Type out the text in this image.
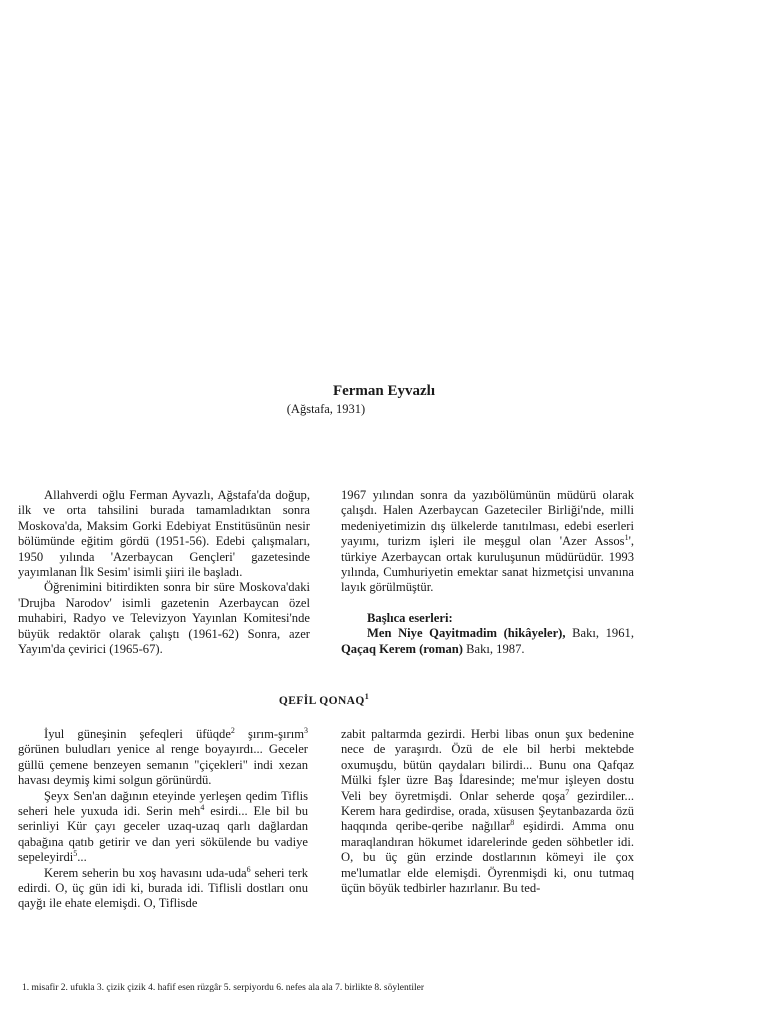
Ferman Eyvazlı
(Ağstafa, 1931)

Allahverdi oğlu Ferman Ayvazlı, Ağstafa'da doğup, ilk ve orta tahsilini burada tamamladıktan sonra Moskova'da, Maksim Gorki Edebiyat Enstitüsünün nesir bölümünde eğitim gördü (1951-56). Edebi çalışmaları, 1950 yılında 'Azerbaycan Gençleri' gazetesinde yayımlanan İlk Sesim' isimli şiiri ile başladı.

Öğrenimini bitirdikten sonra bir süre Moskova'daki 'Drujba Narodov' isimli gazetenin Azerbaycan özel muhabiri, Radyo ve Televizyon Yayınlan Komitesi'nde büyük redaktör olarak çalıştı (1961-62) Sonra, azer Yayım'da çevirici (1965-67).

1967 yılından sonra da yazıbölümünün müdürü olarak çalışdı. Halen Azerbaycan Gazeteciler Birliği'nde, milli medeniyetimizin dış ülkelerde tanıtılması, edebi eserleri yayımı, turizm işleri ile meşgul olan 'Azer Assos$^1$', türkiye Azerbaycan ortak kuruluşunun müdürüdür. 1993 yılında, Cumhuriyetin emektar sanat hizmetçisi unvanına layık görülmüştür.

Başlıca eserleri:

Men Niye Qayitmadim (hikâyeler), Bakı, 1961, Qaçaq Kerem (roman) Bakı, 1987.

QEFİL QONAQ$^1$

İyul güneşinin şefeqleri üfüqde$^2$ şırım-şırım$^3$ görünen buludları yenice al renge boyayırdı... Geceler güllü çemene benzeyen semanın "çiçekleri" indi xezan havası deymiş kimi solgun görünürdü.

Şeyx Sen'an dağının eteyinde yerleşen qedim Tiflis seheri hele yuxuda idi. Serin meh$^4$ esirdi... Ele bil bu serinliyi Kür çayı geceler uzaq-uzaq qarlı dağlardan qabağına qatıb getirir ve dan yeri sökülende bu vadiye sepeleyirdi$^5$...

Kerem seherin bu xoş havasını uda-uda$^6$ seheri terk edirdi. O, üç gün idi ki, burada idi. Tiflisli dostları onu qayğı ile ehate elemişdi. O, Tiflisde

zabit paltarmda gezirdi. Herbi libas onun şux bedenine nece de yaraşırdı. Özü de ele bil herbi mektebde oxumuşdu, bütün qaydaları bilirdi... Bunu ona Qafqaz Mülki fşler üzre Baş İdaresinde; me'mur işleyen dostu Veli bey öyretmişdi. Onlar seherde qoşa$^7$ gezirdiler... Kerem hara gedirdise, orada, xüsusen Şeytanbazarda özü haqqında qeribe-qeribe nağıllar$^8$ eşidirdi. Amma onu maraqlandıran hökumet idarelerinde geden söhbetler idi. O, bu üç gün erzinde dostlarının kömeyi ile çox me'lumatlar elde elemişdi. Öyrenmişdi ki, onu tutmaq üçün böyük tedbirler hazırlanır. Bu ted-

1. misafir 2. ufukla 3. çizik çizik 4. hafif esen rüzgâr 5. serpiyordu 6. nefes ala ala 7. birlikte 8. söylentiler
